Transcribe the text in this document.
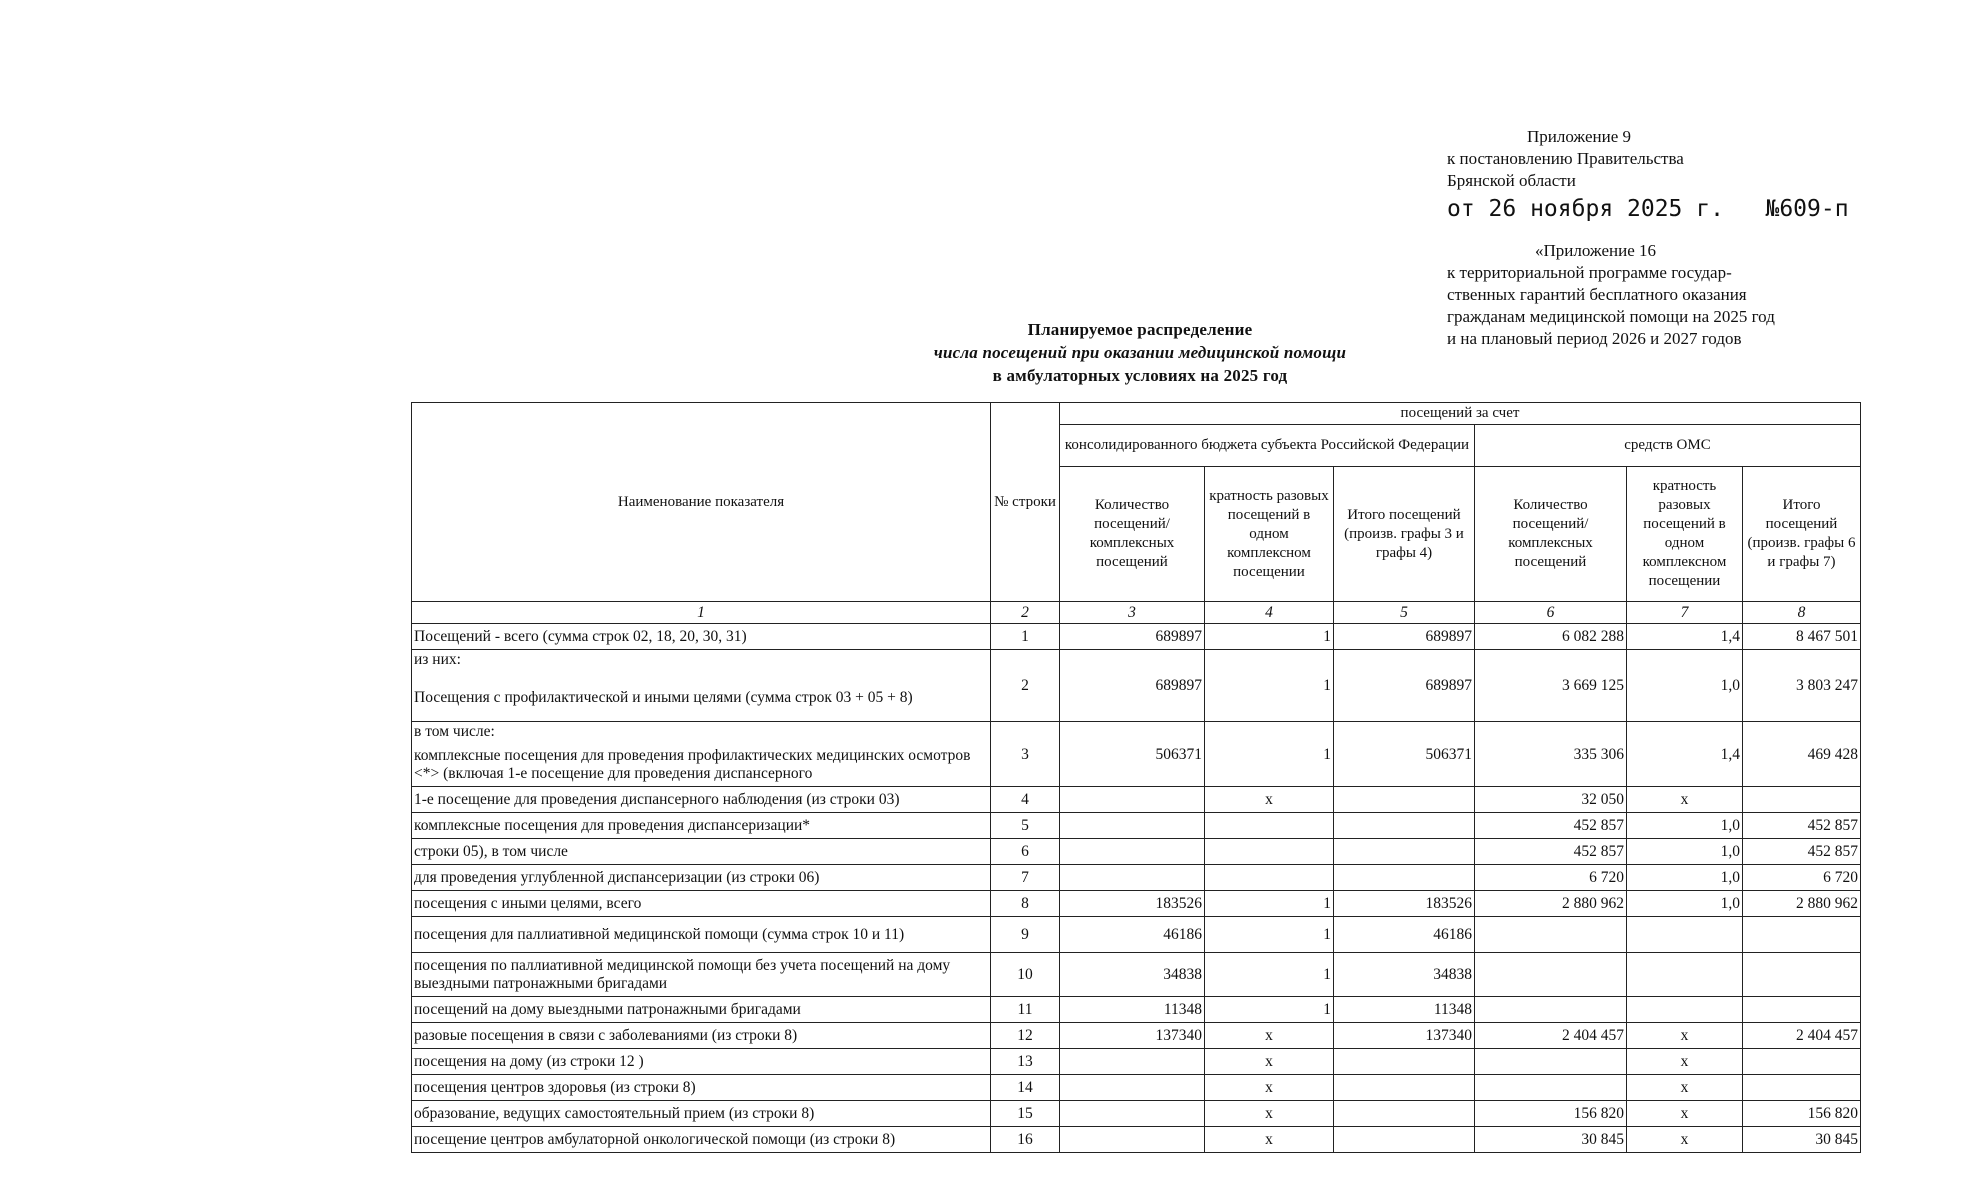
Приложение 9
к постановлению Правительства
Брянской области
от 26 ноября 2025 г.   №609-п
«Приложение 16
к территориальной программе государ-
ственных гарантий бесплатного оказания
гражданам медицинской помощи на 2025 год
и на плановый период 2026 и 2027 годов
Планируемое распределение
числа посещений при оказании медицинской помощи
в амбулаторных условиях на 2025 год
Наименование показателя	№ строки	посещений за счет					
		консолидированного бюджета субъекта Российской Федерации			средств ОМС		
		Количество посещений/комплексных посещений	кратность разовых посещений в одном комплексном посещении	Итого посещений (произв. графы 3 и графы 4)	Количество посещений/комплексных посещений	кратность разовых посещений в одном комплексном посещении	Итого посещений (произв. графы 6 и графы 7)
1	2	3	4	5	6	7	8
Посещений - всего (сумма строк 02, 18, 20, 30, 31)	1	689897	1	689897	6 082 288	1,4	8 467 501

из них:
Посещения с профилактической и иными целями (сумма строк 03 + 05 + 8)	2	689897	1	689897	3 669 125	1,0	3 803 247

в том числе:
комплексные посещения для проведения профилактических медицинских осмотров <*> (включая 1-е посещение для проведения диспансерного	3	506371	1	506371	335 306	1,4	469 428
1-е посещение для проведения диспансерного наблюдения (из строки 03)	4		x		32 050	x	
комплексные посещения для проведения диспансеризации*	5				452 857	1,0	452 857
строки 05), в том числе	6				452 857	1,0	452 857
для проведения углубленной диспансеризации (из строки 06)	7				6 720	1,0	6 720
посещения с иными целями, всего	8	183526	1	183526	2 880 962	1,0	2 880 962
посещения для паллиативной медицинской помощи (сумма строк 10 и 11)	9	46186	1	46186			
посещения по паллиативной медицинской помощи без учета посещений на дому выездными патронажными бригадами	10	34838	1	34838			
посещений на дому выездными патронажными бригадами	11	11348	1	11348			
разовые посещения в связи с заболеваниями (из строки 8)	12	137340	x	137340	2 404 457	x	2 404 457
посещения на дому (из строки 12 )	13		x			x	
посещения центров здоровья (из строки 8)	14		x			x	
образование, ведущих самостоятельный прием (из строки 8)	15		x		156 820	x	156 820
посещение центров амбулаторной онкологической помощи (из строки 8)	16		x		30 845	x	30 845
